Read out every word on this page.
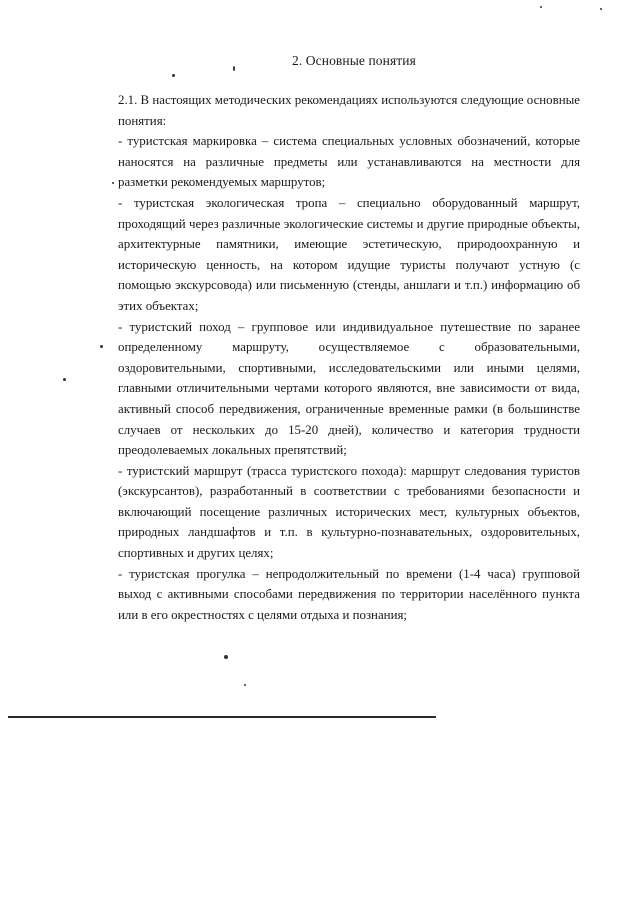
2. Основные понятия

2.1. В настоящих методических рекомендациях используются следующие основные понятия:

- туристская маркировка – система специальных условных обозначений, которые наносятся на различные предметы или устанавливаются на местности для разметки рекомендуемых маршрутов;

- туристская экологическая тропа – специально оборудованный маршрут, проходящий через различные экологические системы и другие природные объекты, архитектурные памятники, имеющие эстетическую, природоохранную и историческую ценность, на котором идущие туристы получают устную (с помощью экскурсовода) или письменную (стенды, аншлаги и т.п.) информацию об этих объектах;

- туристский поход – групповое или индивидуальное путешествие по заранее определенному маршруту, осуществляемое с образовательными, оздоровительными, спортивными, исследовательскими или иными целями, главными отличительными чертами которого являются, вне зависимости от вида, активный способ передвижения, ограниченные временные рамки (в большинстве случаев от нескольких до 15-20 дней), количество и категория трудности преодолеваемых локальных препятствий;

- туристский маршрут (трасса туристского похода): маршрут следования туристов (экскурсантов), разработанный в соответствии с требованиями безопасности и включающий посещение различных исторических мест, культурных объектов, природных ландшафтов и т.п. в культурно-познавательных, оздоровительных, спортивных и других целях;

- туристская прогулка – непродолжительный по времени (1-4 часа) групповой выход с активными способами передвижения по территории населённого пункта или в его окрестностях с целями отдыха и познания;
